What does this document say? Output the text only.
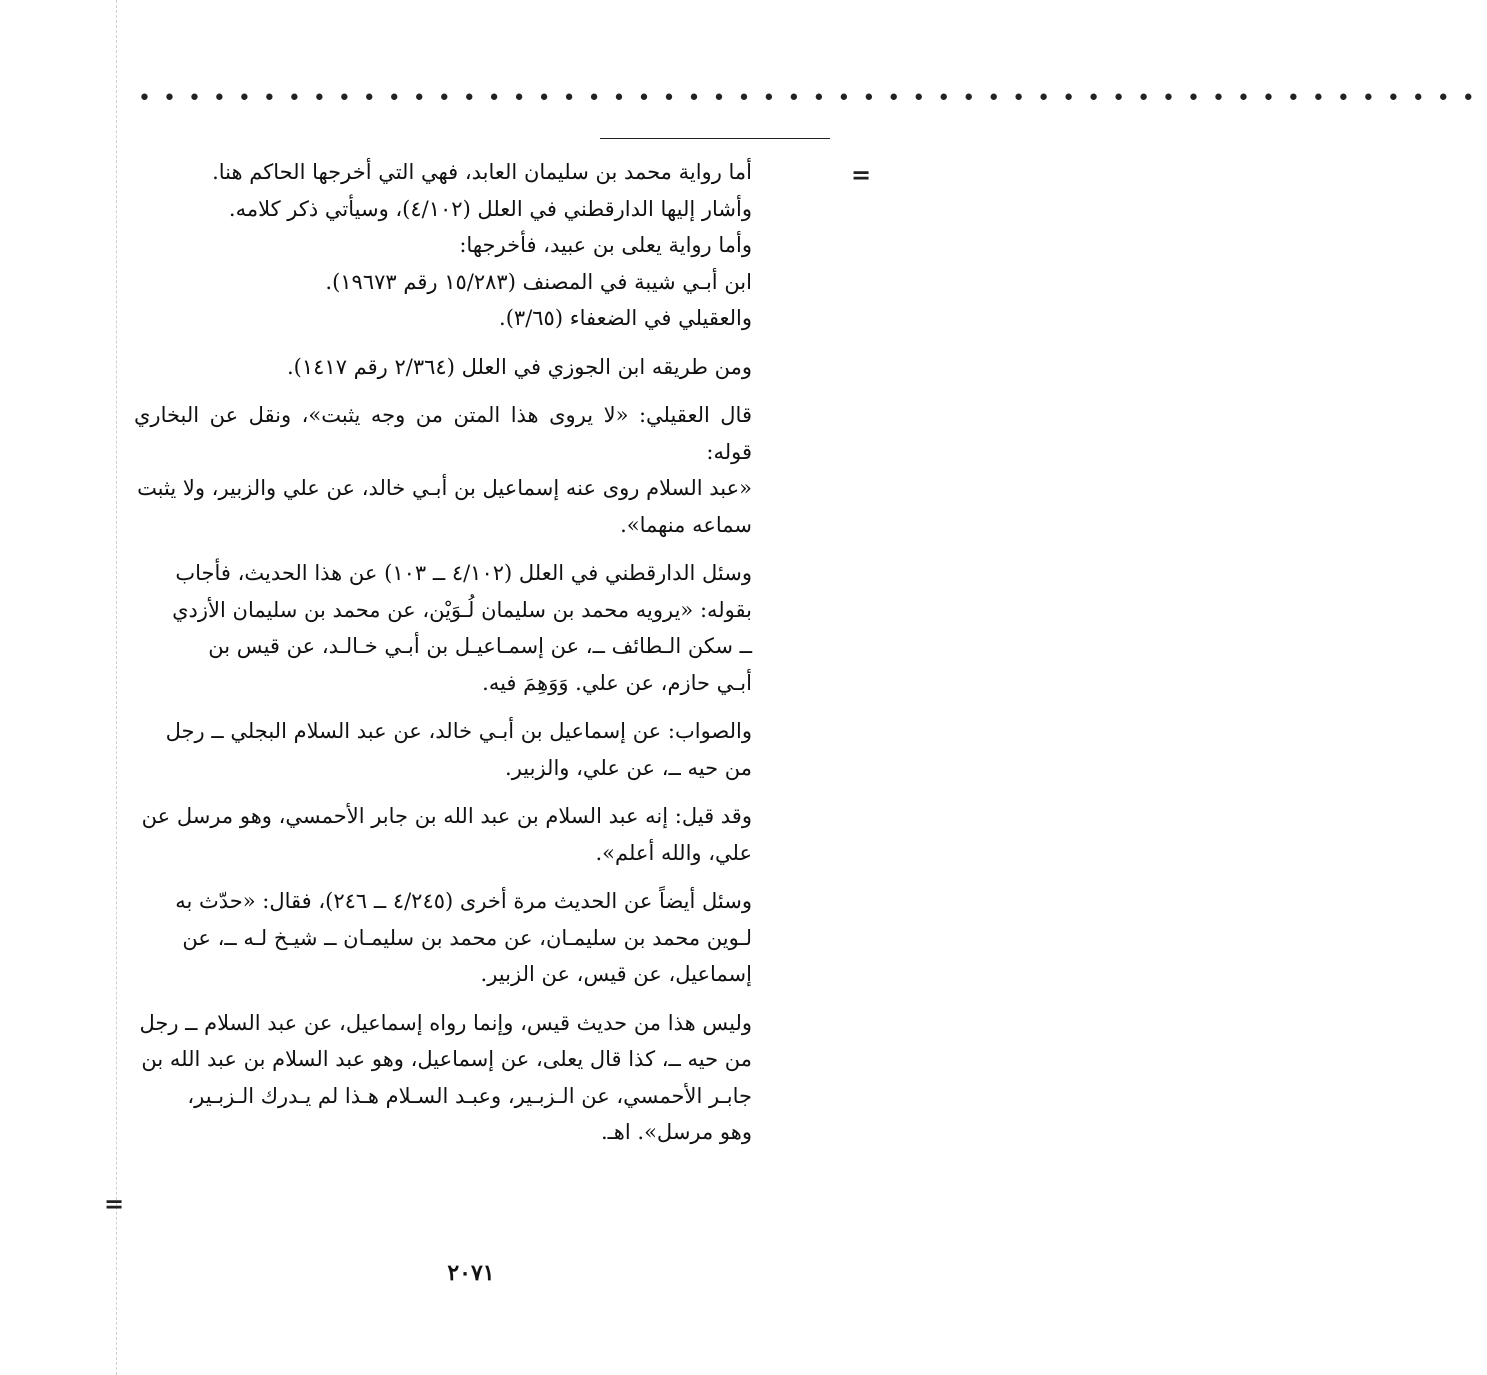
••••••••••••••••••••••••••••••••••••••••••••••••••••••
=

أما رواية محمد بن سليمان العابد، فهي التي أخرجها الحاكم هنا.
وأشار إليها الدارقطني في العلل (٤/١٠٢)، وسيأتي ذكر كلامه.
وأما رواية يعلى بن عبيد، فأخرجها:
ابن أبـي شيبة في المصنف (١٥/٢٨٣ رقم ١٩٦٧٣).
والعقيلي في الضعفاء (٣/٦٥).

ومن طريقه ابن الجوزي في العلل (٢/٣٦٤ رقم ١٤١٧).

قال العقيلي: «لا يروى هذا المتن من وجه يثبت»، ونقل عن البخاري قوله:
«عبد السلام روى عنه إسماعيل بن أبـي خالد، عن علي والزبير، ولا يثبت
سماعه منهما».

وسئل الدارقطني في العلل (٤/١٠٢ ــ ١٠٣) عن هذا الحديث، فأجاب
بقوله: «يرويه محمد بن سليمان لُـوَيْن، عن محمد بن سليمان الأزدي
ــ سكن الـطائف ــ، عن إسمـاعيـل بن أبـي خـالـد، عن قيس بن
أبـي حازم، عن علي. وَوَهِمَ فيه.

والصواب: عن إسماعيل بن أبـي خالد، عن عبد السلام البجلي ــ رجل
من حيه ــ، عن علي، والزبير.

وقد قيل: إنه عبد السلام بن عبد الله بن جابر الأحمسي، وهو مرسل عن
علي، والله أعلم».

وسئل أيضاً عن الحديث مرة أخرى (٤/٢٤٥ ــ ٢٤٦)، فقال: «حدّث به
لـوين محمد بن سليمـان، عن محمد بن سليمـان ــ شيـخ لـه ــ، عن
إسماعيل، عن قيس، عن الزبير.

وليس هذا من حديث قيس، وإنما رواه إسماعيل، عن عبد السلام ــ رجل
من حيه ــ، كذا قال يعلى، عن إسماعيل، وهو عبد السلام بن عبد الله بن
جابـر الأحمسي، عن الـزبـير، وعبـد السـلام هـذا لم يـدرك الـزبـير،
وهو مرسل». اهـ.

=
٢٠٧١
